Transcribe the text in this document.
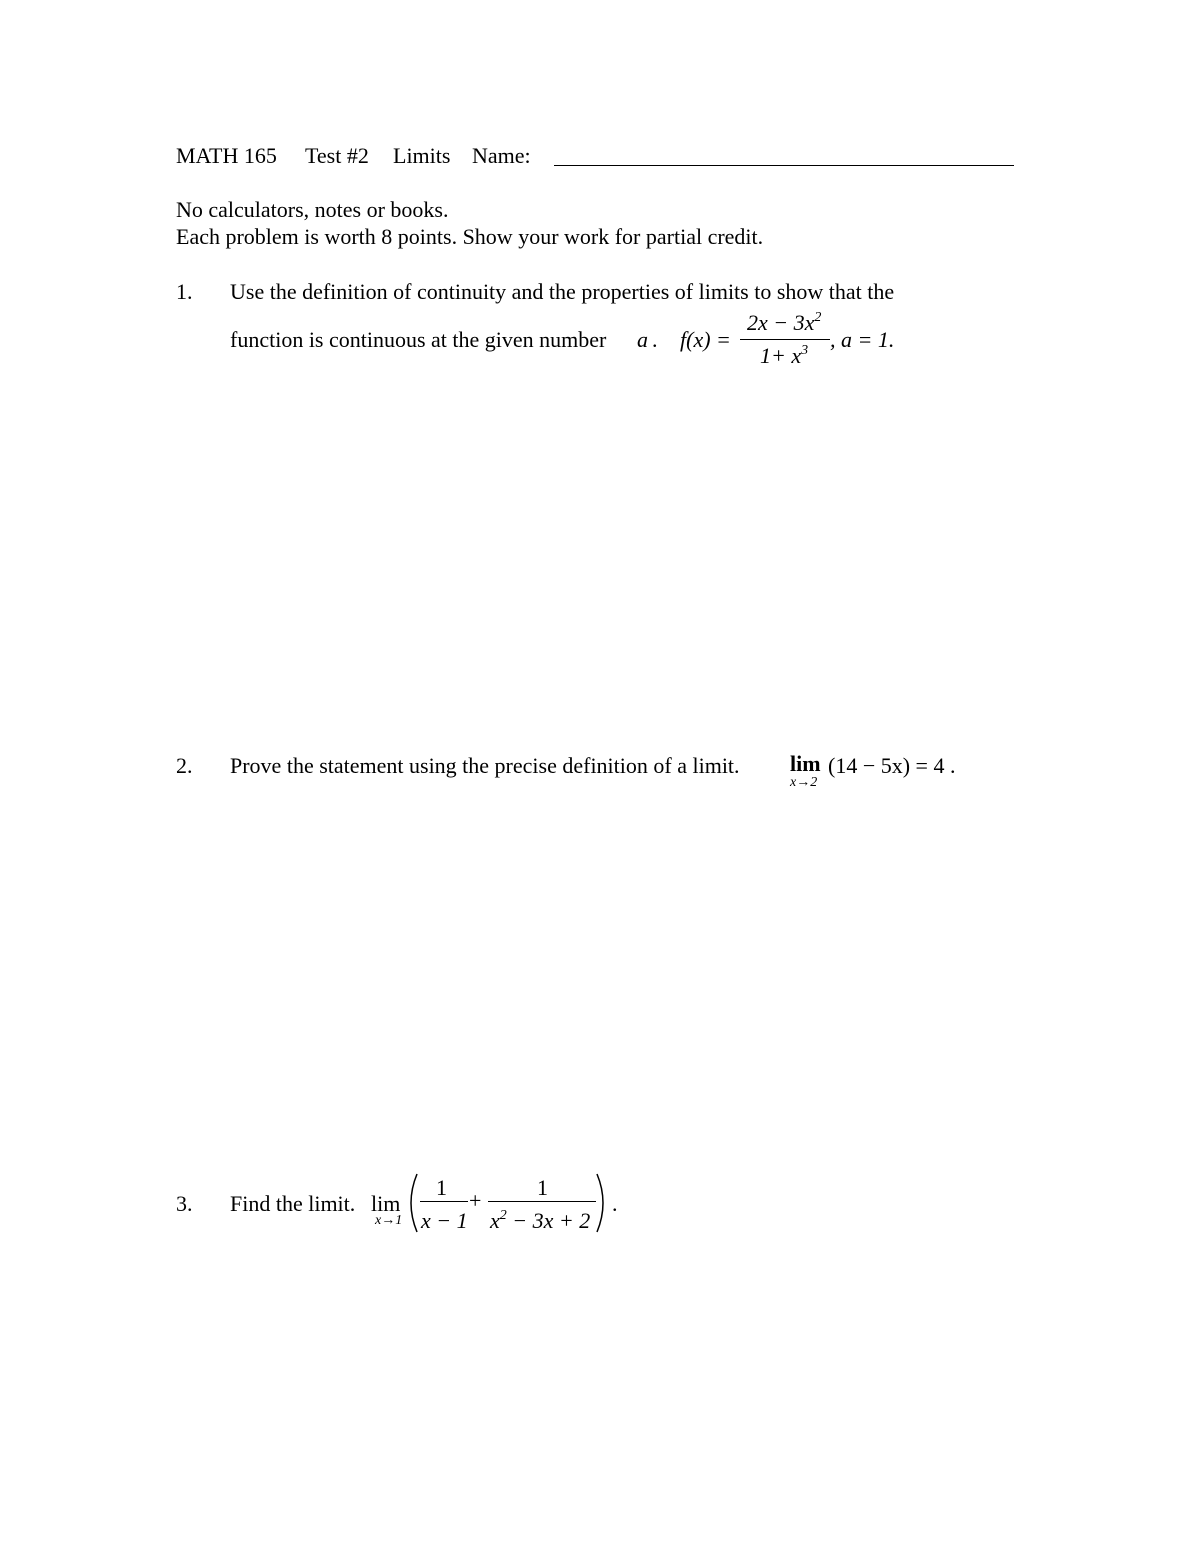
MATH 165 Test #2 Limits Name:
No calculators, notes or books.
Each problem is worth 8 points. Show your work for partial credit.
1. Use the definition of continuity and the properties of limits to show that the
function is continuous at the given number a . f(x) =
$2x - 3x^2$
$1+ x^3$ , a = 1.
2. Prove the statement using the precise definition of a limit. lim
x→2
(14 − 5x) = 4 .
3. Find the limit. lim
x→1
1
x − 1
+
1
$x^2 - 3x + 2$
.
